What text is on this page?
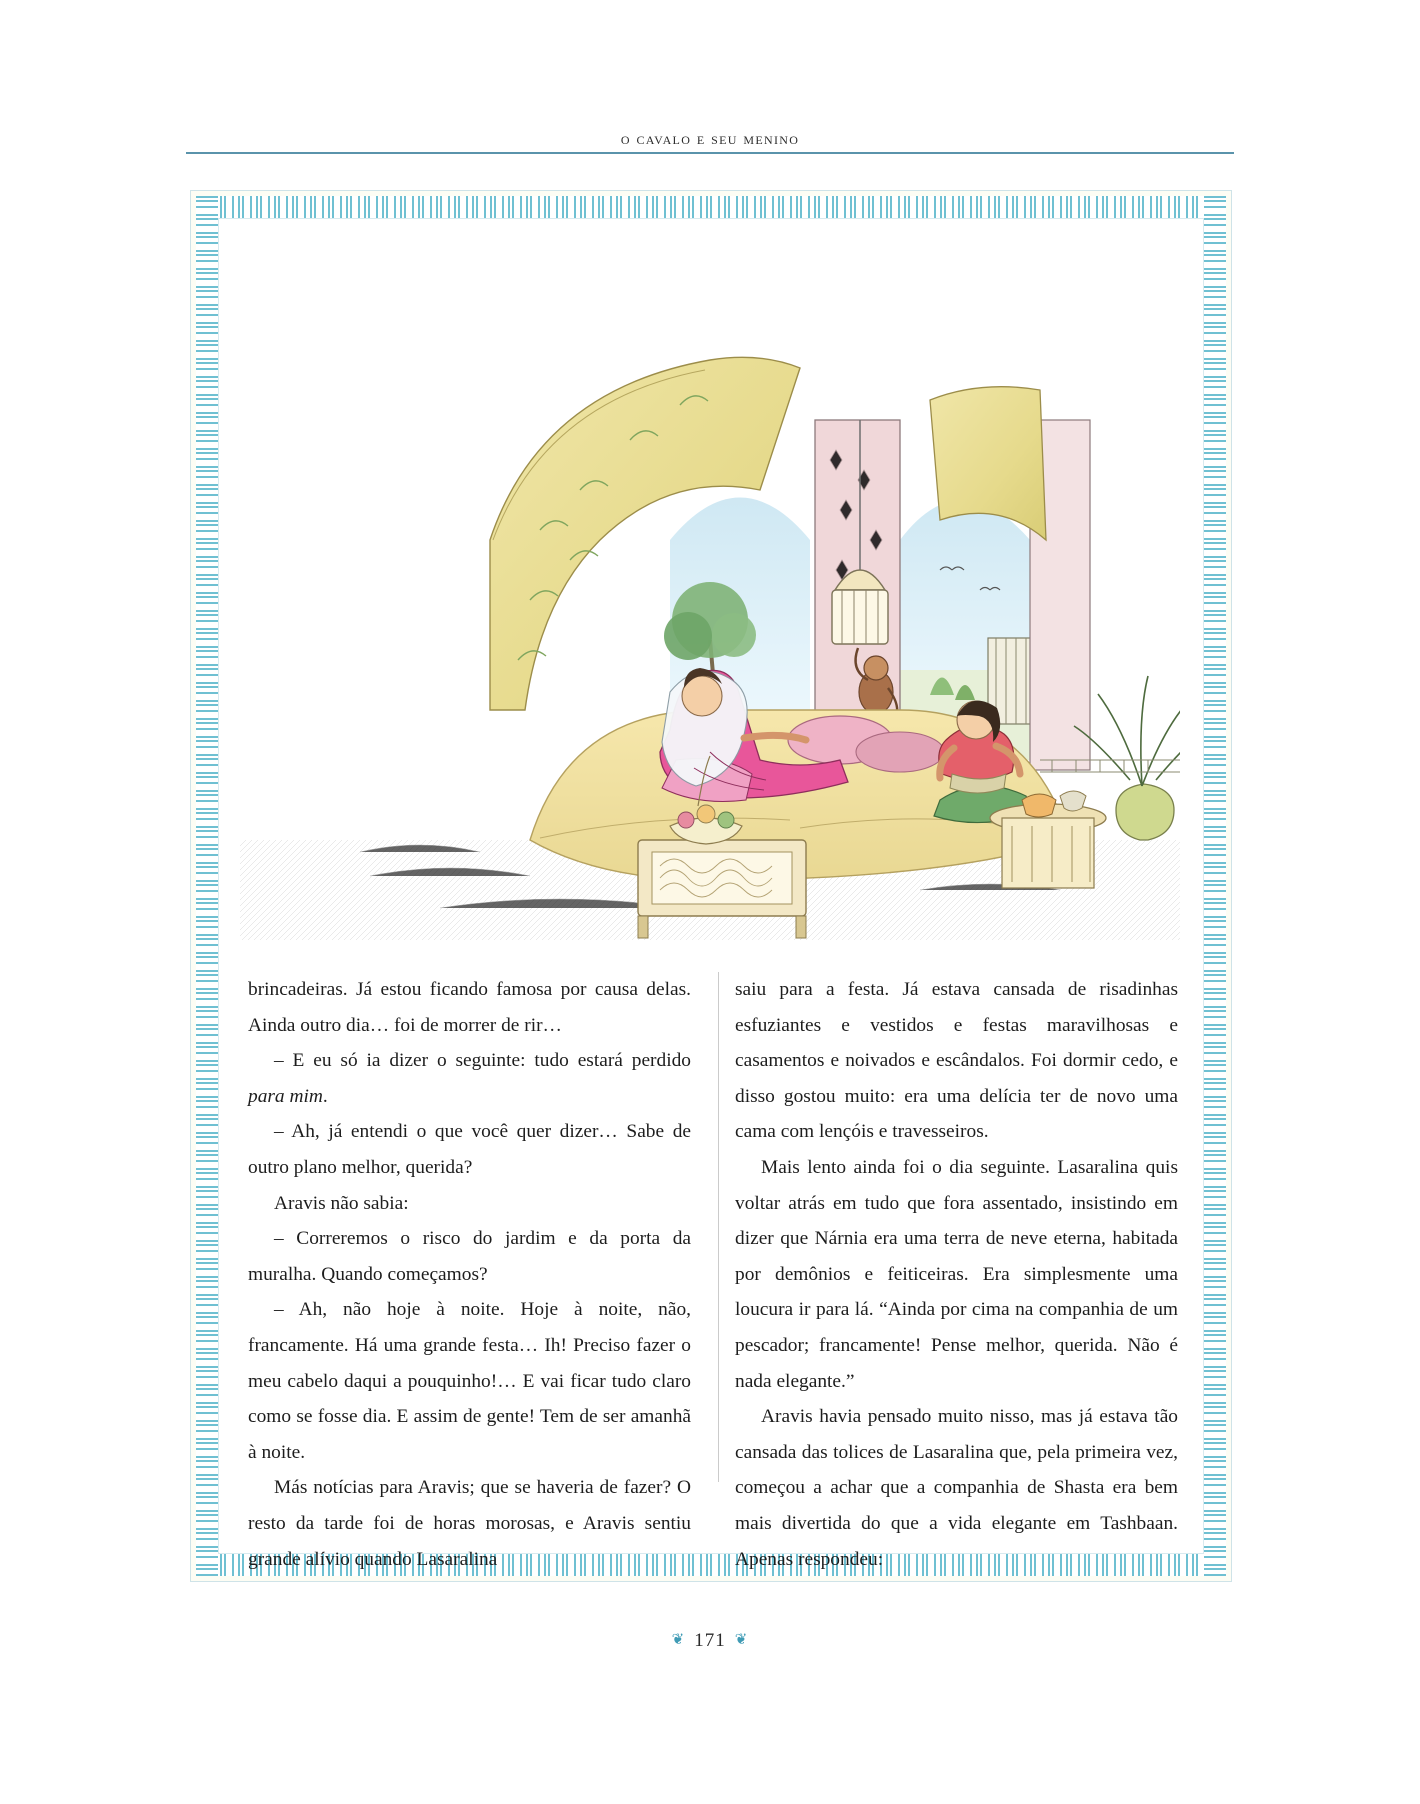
o cavalo e seu menino

brincadeiras. Já estou ficando famosa por causa delas. Ainda outro dia… foi de morrer de rir…

– E eu só ia dizer o seguinte: tudo estará perdido para mim.

– Ah, já entendi o que você quer dizer… Sabe de outro plano melhor, querida?

Aravis não sabia:

– Correremos o risco do jardim e da porta da muralha. Quando começamos?

– Ah, não hoje à noite. Hoje à noite, não, francamente. Há uma grande festa… Ih! Preciso fazer o meu cabelo daqui a pouquinho!… E vai ficar tudo claro como se fosse dia. E assim de gente! Tem de ser amanhã à noite.

Más notícias para Aravis; que se haveria de fazer? O resto da tarde foi de horas morosas, e Aravis sentiu grande alívio quando Lasaralina

saiu para a festa. Já estava cansada de risadinhas esfuziantes e vestidos e festas maravilhosas e casamentos e noivados e escândalos. Foi dormir cedo, e disso gostou muito: era uma delícia ter de novo uma cama com lençóis e travesseiros.

Mais lento ainda foi o dia seguinte. Lasaralina quis voltar atrás em tudo que fora assentado, insistindo em dizer que Nárnia era uma terra de neve eterna, habitada por demônios e feiticeiras. Era simplesmente uma loucura ir para lá. “Ainda por cima na companhia de um pescador; francamente! Pense melhor, querida. Não é nada elegante.”

Aravis havia pensado muito nisso, mas já estava tão cansada das tolices de Lasaralina que, pela primeira vez, começou a achar que a companhia de Shasta era bem mais divertida do que a vida elegante em Tashbaan. Apenas respondeu:

❦ 171 ❦
